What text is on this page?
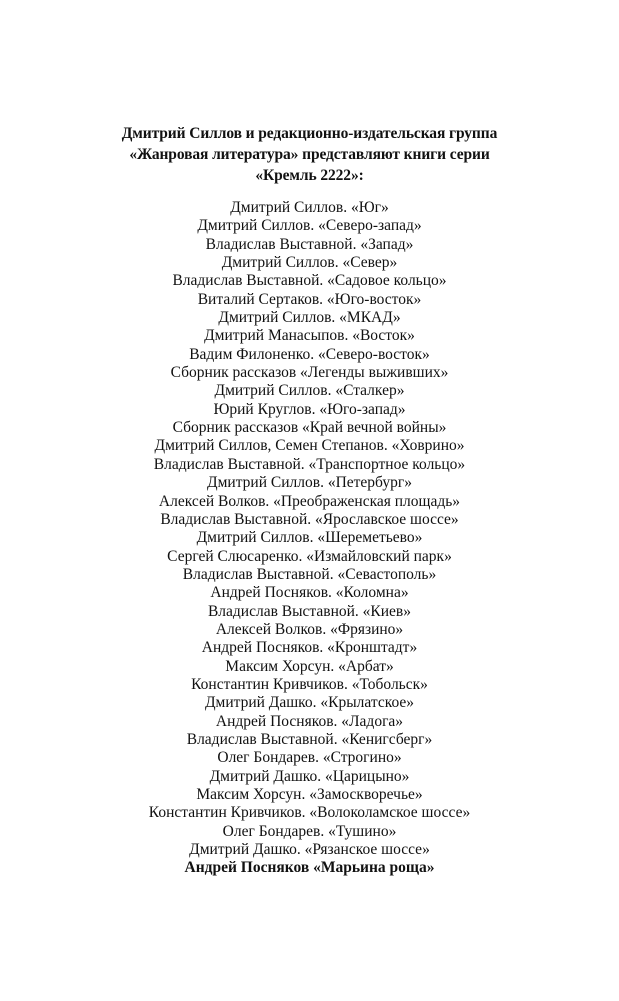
Дмитрий Силлов и редакционно-издательская группа
«Жанровая литература» представляют книги серии
«Кремль 2222»:
Дмитрий Силлов. «Юг»
Дмитрий Силлов. «Северо-запад»
Владислав Выставной. «Запад»
Дмитрий Силлов. «Север»
Владислав Выставной. «Садовое кольцо»
Виталий Сертаков. «Юго-восток»
Дмитрий Силлов. «МКАД»
Дмитрий Манасыпов. «Восток»
Вадим Филоненко. «Северо-восток»
Сборник рассказов «Легенды выживших»
Дмитрий Силлов. «Сталкер»
Юрий Круглов. «Юго-запад»
Сборник рассказов «Край вечной войны»
Дмитрий Силлов, Семен Степанов. «Ховрино»
Владислав Выставной. «Транспортное кольцо»
Дмитрий Силлов. «Петербург»
Алексей Волков. «Преображенская площадь»
Владислав Выставной. «Ярославское шоссе»
Дмитрий Силлов. «Шереметьево»
Сергей Слюсаренко. «Измайловский парк»
Владислав Выставной. «Севастополь»
Андрей Посняков. «Коломна»
Владислав Выставной. «Киев»
Алексей Волков. «Фрязино»
Андрей Посняков. «Кронштадт»
Максим Хорсун. «Арбат»
Константин Кривчиков. «Тобольск»
Дмитрий Дашко. «Крылатское»
Андрей Посняков. «Ладога»
Владислав Выставной. «Кенигсберг»
Олег Бондарев. «Строгино»
Дмитрий Дашко. «Царицыно»
Максим Хорсун. «Замоскворечье»
Константин Кривчиков. «Волоколамское шоссе»
Олег Бондарев. «Тушино»
Дмитрий Дашко. «Рязанское шоссе»
Андрей Посняков «Марьина роща»
